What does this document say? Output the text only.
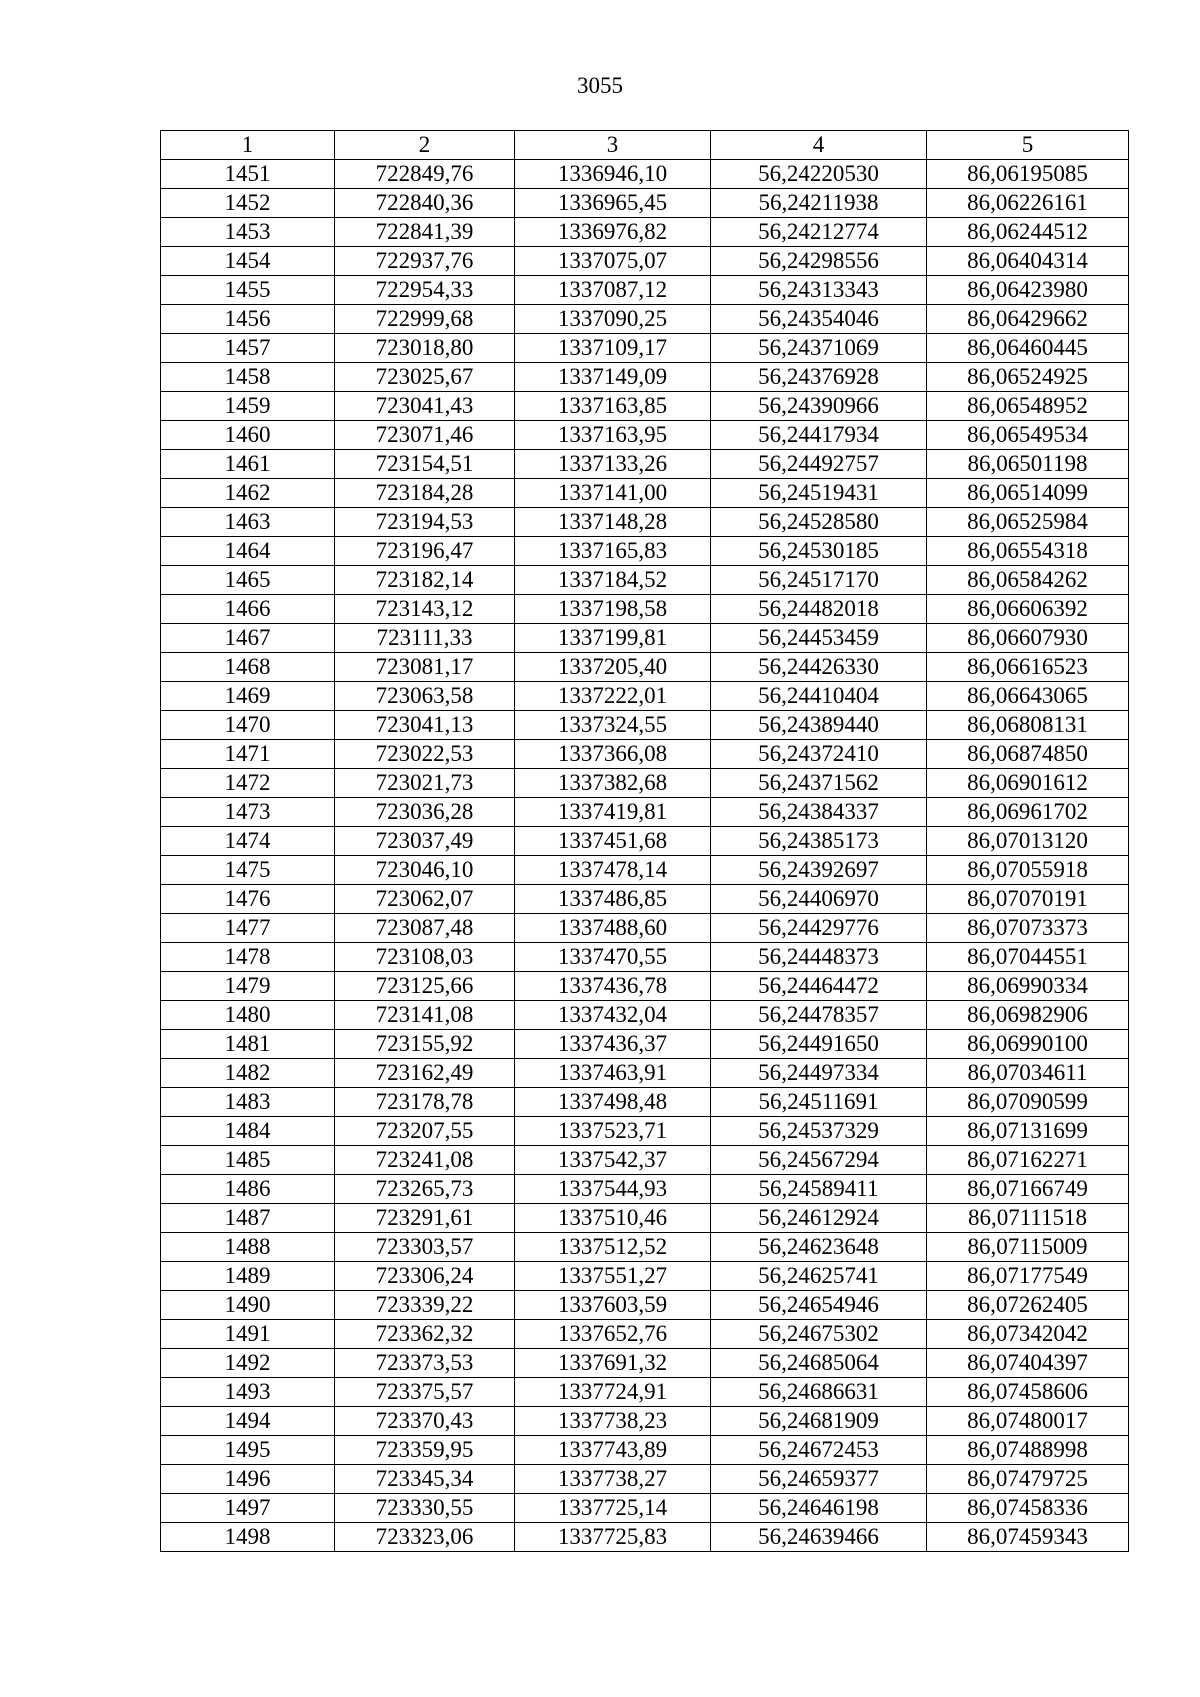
3055
1	2	3	4	5
1451	722849,76	1336946,10	56,24220530	86,06195085
1452	722840,36	1336965,45	56,24211938	86,06226161
1453	722841,39	1336976,82	56,24212774	86,06244512
1454	722937,76	1337075,07	56,24298556	86,06404314
1455	722954,33	1337087,12	56,24313343	86,06423980
1456	722999,68	1337090,25	56,24354046	86,06429662
1457	723018,80	1337109,17	56,24371069	86,06460445
1458	723025,67	1337149,09	56,24376928	86,06524925
1459	723041,43	1337163,85	56,24390966	86,06548952
1460	723071,46	1337163,95	56,24417934	86,06549534
1461	723154,51	1337133,26	56,24492757	86,06501198
1462	723184,28	1337141,00	56,24519431	86,06514099
1463	723194,53	1337148,28	56,24528580	86,06525984
1464	723196,47	1337165,83	56,24530185	86,06554318
1465	723182,14	1337184,52	56,24517170	86,06584262
1466	723143,12	1337198,58	56,24482018	86,06606392
1467	723111,33	1337199,81	56,24453459	86,06607930
1468	723081,17	1337205,40	56,24426330	86,06616523
1469	723063,58	1337222,01	56,24410404	86,06643065
1470	723041,13	1337324,55	56,24389440	86,06808131
1471	723022,53	1337366,08	56,24372410	86,06874850
1472	723021,73	1337382,68	56,24371562	86,06901612
1473	723036,28	1337419,81	56,24384337	86,06961702
1474	723037,49	1337451,68	56,24385173	86,07013120
1475	723046,10	1337478,14	56,24392697	86,07055918
1476	723062,07	1337486,85	56,24406970	86,07070191
1477	723087,48	1337488,60	56,24429776	86,07073373
1478	723108,03	1337470,55	56,24448373	86,07044551
1479	723125,66	1337436,78	56,24464472	86,06990334
1480	723141,08	1337432,04	56,24478357	86,06982906
1481	723155,92	1337436,37	56,24491650	86,06990100
1482	723162,49	1337463,91	56,24497334	86,07034611
1483	723178,78	1337498,48	56,24511691	86,07090599
1484	723207,55	1337523,71	56,24537329	86,07131699
1485	723241,08	1337542,37	56,24567294	86,07162271
1486	723265,73	1337544,93	56,24589411	86,07166749
1487	723291,61	1337510,46	56,24612924	86,07111518
1488	723303,57	1337512,52	56,24623648	86,07115009
1489	723306,24	1337551,27	56,24625741	86,07177549
1490	723339,22	1337603,59	56,24654946	86,07262405
1491	723362,32	1337652,76	56,24675302	86,07342042
1492	723373,53	1337691,32	56,24685064	86,07404397
1493	723375,57	1337724,91	56,24686631	86,07458606
1494	723370,43	1337738,23	56,24681909	86,07480017
1495	723359,95	1337743,89	56,24672453	86,07488998
1496	723345,34	1337738,27	56,24659377	86,07479725
1497	723330,55	1337725,14	56,24646198	86,07458336
1498	723323,06	1337725,83	56,24639466	86,07459343
